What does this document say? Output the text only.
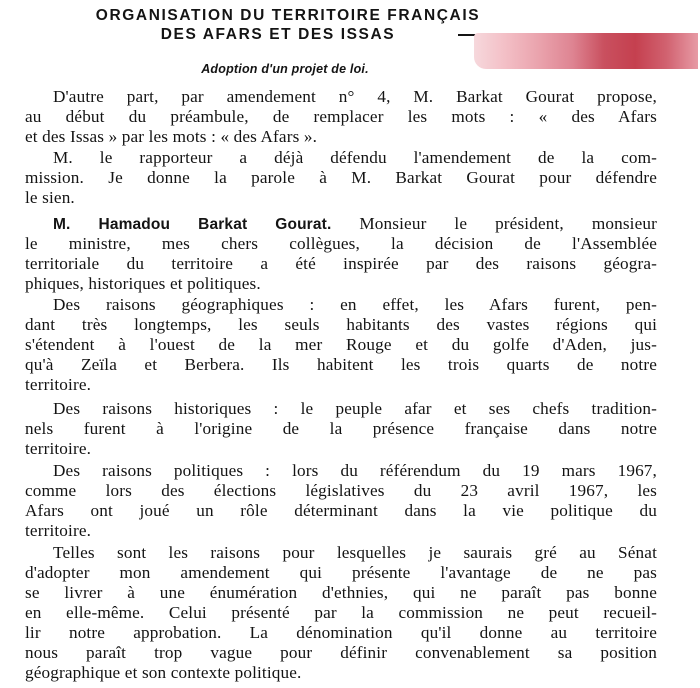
ORGANISATION DU TERRITOIRE FRANÇAIS
DES AFARS ET DES ISSAS
Adoption d'un projet de loi.
D'autre part, par amendement n° 4, M. Barkat Gourat propose,
au début du préambule, de remplacer les mots : « des Afars
et des Issas » par les mots : « des Afars ».
M. le rapporteur a déjà défendu l'amendement de la com-
mission. Je donne la parole à M. Barkat Gourat pour défendre
le sien.
M. Hamadou Barkat Gourat. Monsieur le président, monsieur
le ministre, mes chers collègues, la décision de l'Assemblée
territoriale du territoire a été inspirée par des raisons géogra-
phiques, historiques et politiques.
Des raisons géographiques : en effet, les Afars furent, pen-
dant très longtemps, les seuls habitants des vastes régions qui
s'étendent à l'ouest de la mer Rouge et du golfe d'Aden, jus-
qu'à Zeïla et Berbera. Ils habitent les trois quarts de notre
territoire.
Des raisons historiques : le peuple afar et ses chefs tradition-
nels furent à l'origine de la présence française dans notre
territoire.
Des raisons politiques : lors du référendum du 19 mars 1967,
comme lors des élections législatives du 23 avril 1967, les
Afars ont joué un rôle déterminant dans la vie politique du
territoire.
Telles sont les raisons pour lesquelles je saurais gré au Sénat
d'adopter mon amendement qui présente l'avantage de ne pas
se livrer à une énumération d'ethnies, qui ne paraît pas bonne
en elle-même. Celui présenté par la commission ne peut recueil-
lir notre approbation. La dénomination qu'il donne au territoire
nous paraît trop vague pour définir convenablement sa position
géographique et son contexte politique.
